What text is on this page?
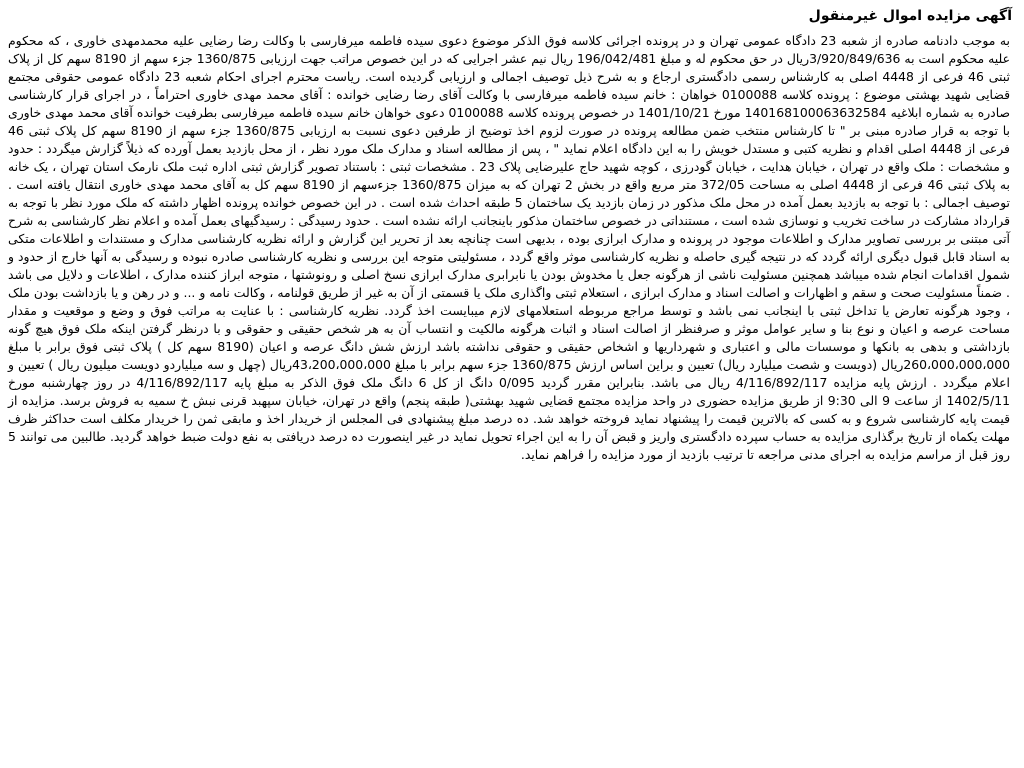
آگهی مزایده اموال غیرمنقول

به موجب دادنامه صادره از شعبه 23 دادگاه عمومی تهران و در پرونده اجرائی کلاسه فوق الذکر موضوع دعوی سیده فاطمه میرفارسی با وکالت رضا رضایی علیه محمدمهدی خاوری ، که محکوم علیه محکوم است به 3/920/849/636ریال در حق محکوم له و مبلغ 196/042/481 ریال نیم عشر اجرایی که در این خصوص مراتب جهت ارزیابی 1360/875 جزء سهم از 8190 سهم کل از پلاک ثبتی 46 فرعی از 4448 اصلی به کارشناس رسمی دادگستری ارجاع و به شرح ذیل توصیف اجمالی و ارزیابی گردیده است. ریاست محترم اجرای احکام شعبه 23 دادگاه عمومی حقوقی مجتمع قضایی شهید بهشتی موضوع : پرونده کلاسه 0100088 خواهان : خانم سیده فاطمه میرفارسی با وکالت آقای رضا رضایی خوانده : آقای محمد مهدی خاوری احتراماً ، در اجرای قرار کارشناسی صادره به شماره ابلاغیه 140168100063632584 مورخ 1401/10/21 در خصوص پرونده کلاسه 0100088 دعوی خواهان خانم سیده فاطمه میرفارسی بطرفیت خوانده آقای محمد مهدی خاوری با توجه به قرار صادره مبنی بر " تا کارشناس منتخب ضمن مطالعه پرونده در صورت لزوم اخذ توضیح از طرفین دعوی نسبت به ارزیابی 1360/875 جزء سهم از 8190 سهم کل پلاک ثبتی 46 فرعی از 4448 اصلی اقدام و نظریه کتبی و مستدل خویش را به این دادگاه اعلام نماید " ، پس از مطالعه اسناد و مدارک ملک مورد نظر ، از محل بازدید بعمل آورده که ذیلاً گزارش میگردد : حدود و مشخصات : ملک واقع در تهران ، خیابان هدایت ، خیابان گودرزی ، کوچه شهید حاج علیرضایی پلاک 23 . مشخصات ثبتی : باستناد تصویر گزارش ثبتی اداره ثبت ملک نارمک استان تهران ، یک خانه به پلاک ثبتی 46 فرعی از 4448 اصلی به مساحت 372/05 متر مربع واقع در بخش 2 تهران که به میزان 1360/875 جزءسهم از 8190 سهم کل به آقای محمد مهدی خاوری انتقال یافته است . توصیف اجمالی : با توجه به بازدید بعمل آمده در محل ملک مذکور در زمان بازدید یک ساختمان 5 طبقه احداث شده است . در این خصوص خوانده پرونده اظهار داشته که ملک مورد نظر با توجه به قرارداد مشارکت در ساخت تخریب و نوسازی شده است ، مستنداتی در خصوص ساختمان مذکور باینجانب ارائه نشده است . حدود رسیدگی : رسیدگیهای بعمل آمده و اعلام نظر کارشناسی به شرح آتی مبتنی بر بررسی تصاویر مدارک و اطلاعات موجود در پرونده و مدارک ابرازی بوده ، بدیهی است چنانچه بعد از تحریر این گزارش و ارائه نظریه کارشناسی مدارک و مستندات و اطلاعات متکی به اسناد قابل قبول دیگری ارائه گردد که در نتیجه گیری حاصله و نظریه کارشناسی موثر واقع گردد ، مسئولیتی متوجه این بررسی و نظریه کارشناسی صادره نبوده و رسیدگی به آنها خارج از حدود و شمول اقدامات انجام شده میباشد همچنین مسئولیت ناشی از هرگونه جعل یا مخدوش بودن یا نابرابری مدارک ابرازی نسخ اصلی و رونوشتها ، متوجه ابراز کننده مدارک ، اطلاعات و دلایل می باشد . ضمناً مسئولیت صحت و سقم و اظهارات و اصالت اسناد و مدارک ابرازی ، استعلام ثبتی واگذاری ملک یا قسمتی از آن به غیر از طریق قولنامه ، وکالت نامه و ... و در رهن و یا بازداشت بودن ملک ، وجود هرگونه تعارض یا تداخل ثبتی با اینجانب نمی باشد و توسط مراجع مربوطه استعلامهای لازم میبایست اخذ گردد. نظریه کارشناسی : با عنایت به مراتب فوق و وضع و موقعیت و مقدار مساحت عرصه و اعیان و نوع بنا و سایر عوامل موثر و صرفنظر از اصالت اسناد و اثبات هرگونه مالکیت و انتساب آن به هر شخص حقیقی و حقوقی و با درنظر گرفتن اینکه ملک فوق هیچ گونه بازداشتی و بدهی به بانکها و موسسات مالی و اعتباری و شهرداریها و اشخاص حقیقی و حقوقی نداشته باشد ارزش شش دانگ عرصه و اعیان (8190 سهم کل ) پلاک ثبتی فوق برابر با مبلغ 260،000،000،000ریال (دویست و شصت میلیارد ریال) تعیین و براین اساس ارزش 1360/875 جزء سهم برابر با مبلغ 43،200،000،000ریال (چهل و سه میلیاردو دویست میلیون ریال ) تعیین و اعلام میگردد . ارزش پایه مزایده 4/116/892/117 ریال می باشد. بنابراین مقرر گردید 0/095 دانگ از کل 6 دانگ ملک فوق الذکر به مبلغ پایه 4/116/892/117 در روز چهارشنبه مورخ 1402/5/11 از ساعت 9 الی 9:30 از طریق مزایده حضوری در واحد مزایده مجتمع قضایی شهید بهشتی( طبقه پنجم) واقع در تهران، خیابان سپهبد قرنی نبش خ سمیه به فروش برسد. مزایده از قیمت پایه کارشناسی شروع و به کسی که بالاترین قیمت را پیشنهاد نماید فروخته خواهد شد. ده درصد مبلغ پیشنهادی فی المجلس از خریدار اخذ و مابقی ثمن را خریدار مکلف است حداکثر ظرف مهلت یکماه از تاریخ برگذاری مزایده به حساب سپرده دادگستری واریز و قبض آن را به این اجراء تحویل نماید در غیر اینصورت ده درصد دریافتی به نفع دولت ضبط خواهد گردید. طالبین می توانند 5 روز قبل از مراسم مزایده به اجرای مدنی مراجعه تا ترتیب بازدید از مورد مزایده را فراهم نماید.
